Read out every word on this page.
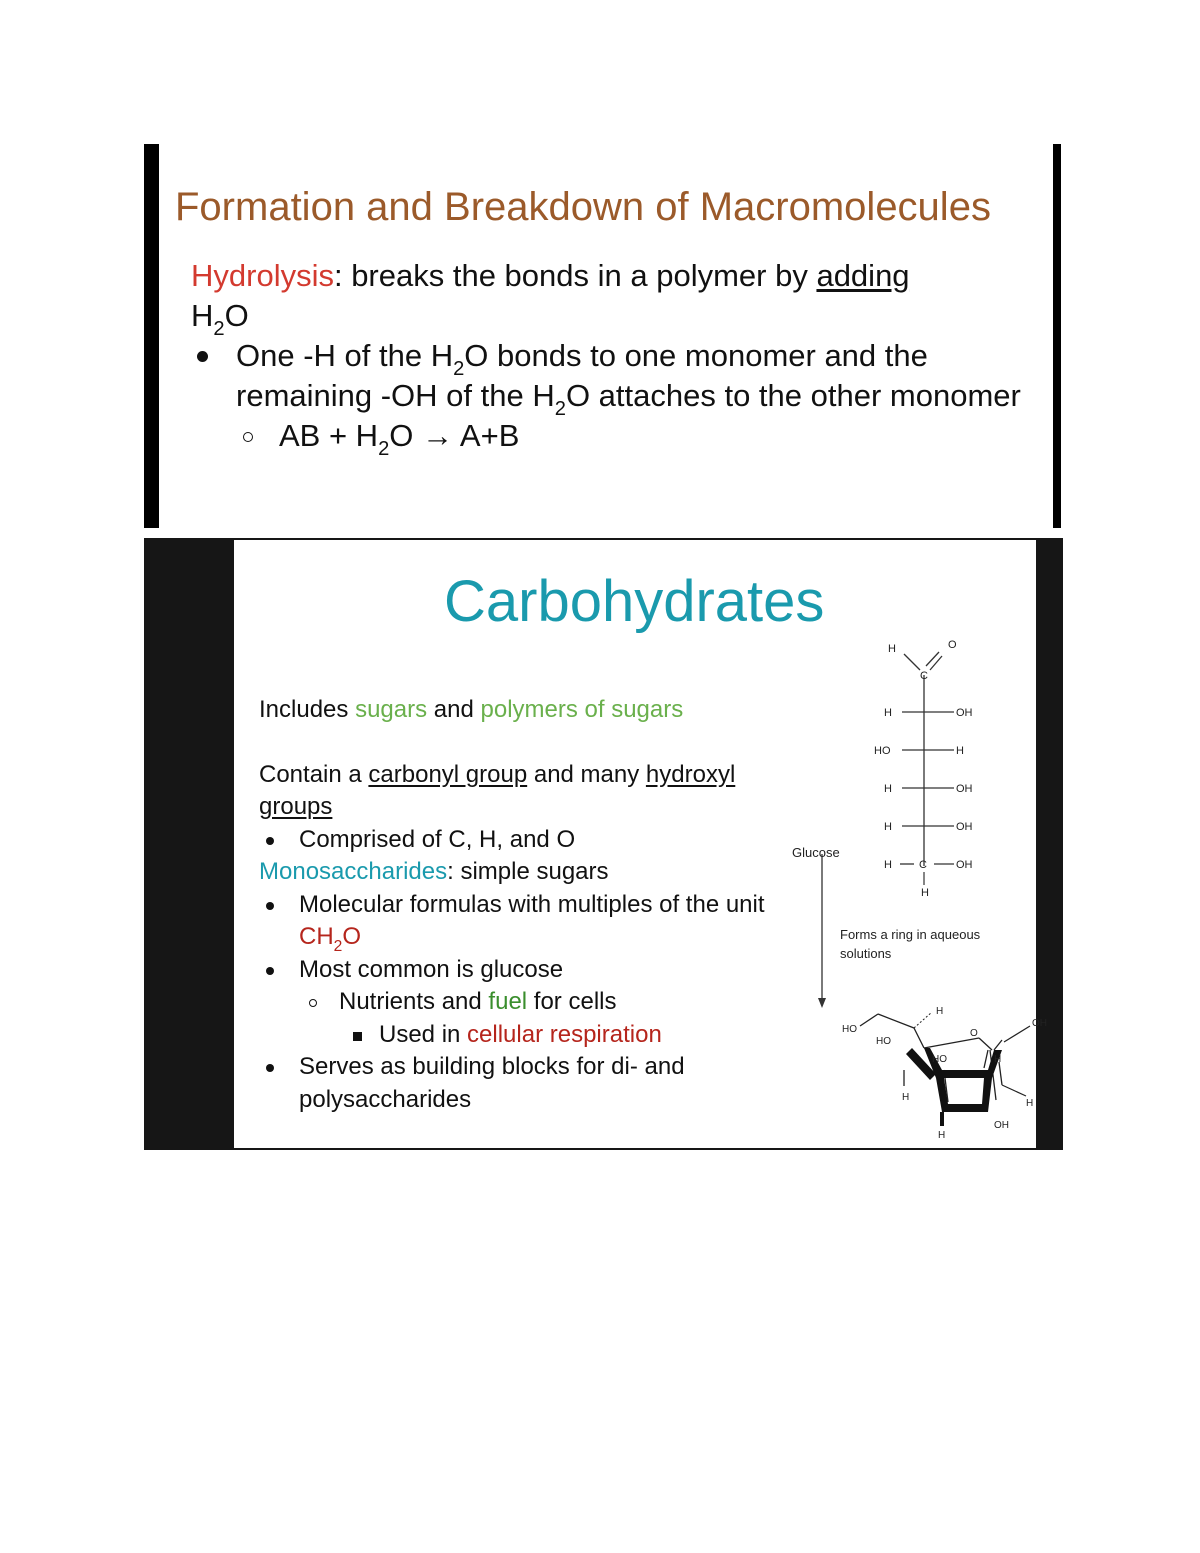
Formation and Breakdown of Macromolecules

Hydrolysis: breaks the bonds in a polymer by adding
$H_2O$

One -H of the $H_2O$ bonds to one monomer and the remaining -OH of the $H_2O$ attaches to the other monomer

AB + $H_2O \to A+B$

Carbohydrates

Includes sugars and polymers of sugars

Contain a carbonyl group and many hydroxyl groups

Comprised of C, H, and O

Monosaccharides: simple sugars

Molecular formulas with multiples of the unit $CH_2O$

Most common is glucose

Nutrients and fuel for cells

Used in cellular respiration

Serves as building blocks for di- and polysaccharides

H	O
C
H	OH
HO	H
H	OH
H	OH
H C	OH
H
Glucose
Forms a ring in aqueous
solutions
HO
HO
H
O
OH
HO	H
H
H
OH
H
